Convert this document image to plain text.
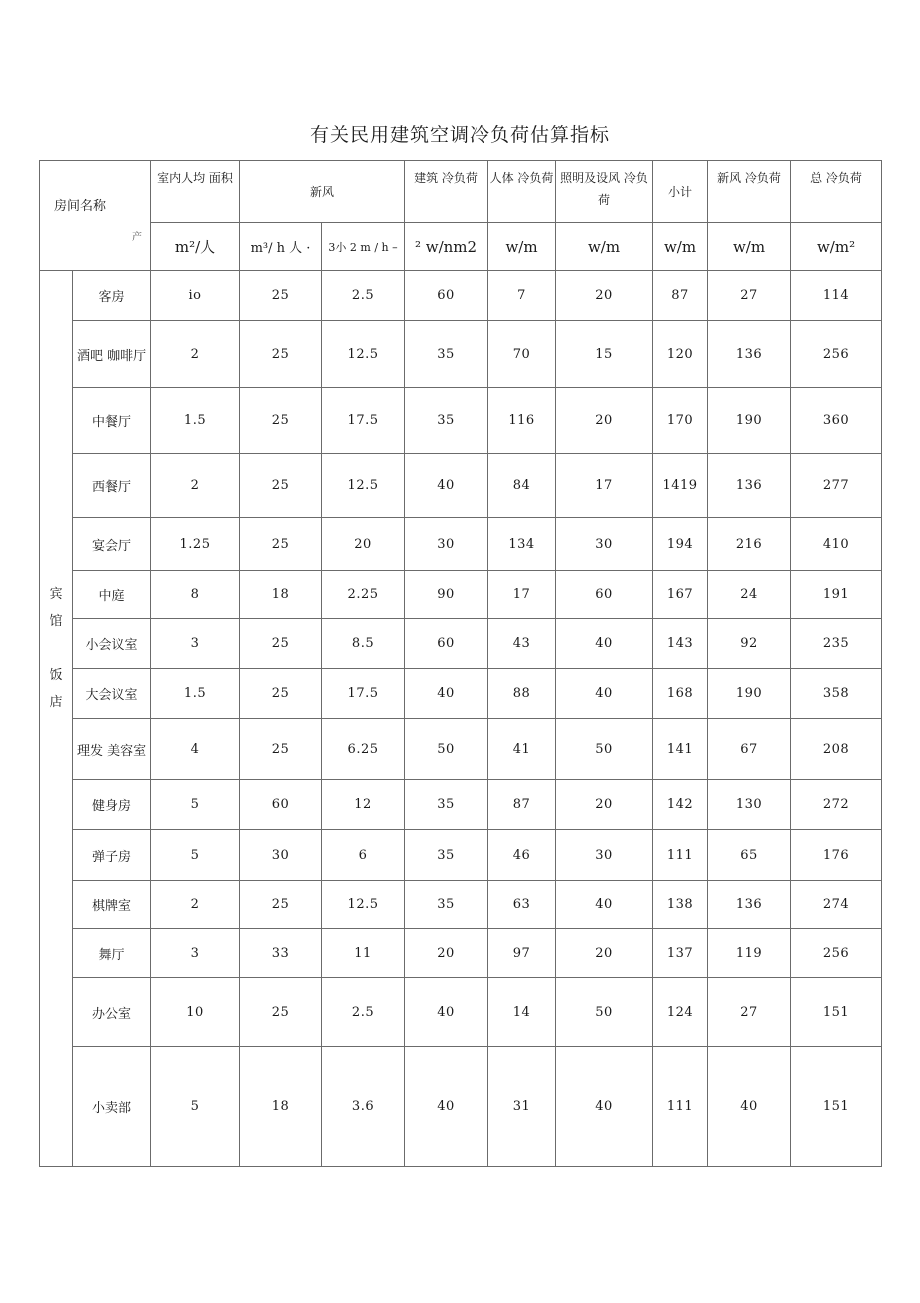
有关民用建筑空调冷负荷估算指标
房间名称
产		室内人均 面积	新风		建筑 冷负荷	人体 冷负荷	照明及设风 冷负荷	小计	新风 冷负荷	总 冷负荷
		m²/人	m³/ h 人 ·	3小 2 m / h –	² w/nm2	w/m	w/m	w/m	w/m	w/m²

宾
馆
饭
店	客房	io	25	2.5	60	7	20	87	27	114
	酒吧 咖啡厅	2	25	12.5	35	70	15	120	136	256
	中餐厅	1.5	25	17.5	35	116	20	170	190	360
	西餐厅	2	25	12.5	40	84	17	1419	136	277
	宴会厅	1.25	25	20	30	134	30	194	216	410
	中庭	8	18	2.25	90	17	60	167	24	191
	小会议室	3	25	8.5	60	43	40	143	92	235
	大会议室	1.5	25	17.5	40	88	40	168	190	358
	理发 美容室	4	25	6.25	50	41	50	141	67	208
	健身房	5	60	12	35	87	20	142	130	272
	弹子房	5	30	6	35	46	30	111	65	176
	棋牌室	2	25	12.5	35	63	40	138	136	274
	舞厅	3	33	11	20	97	20	137	119	256
	办公室	10	25	2.5	40	14	50	124	27	151
	小卖部	5	18	3.6	40	31	40	111	40	151
